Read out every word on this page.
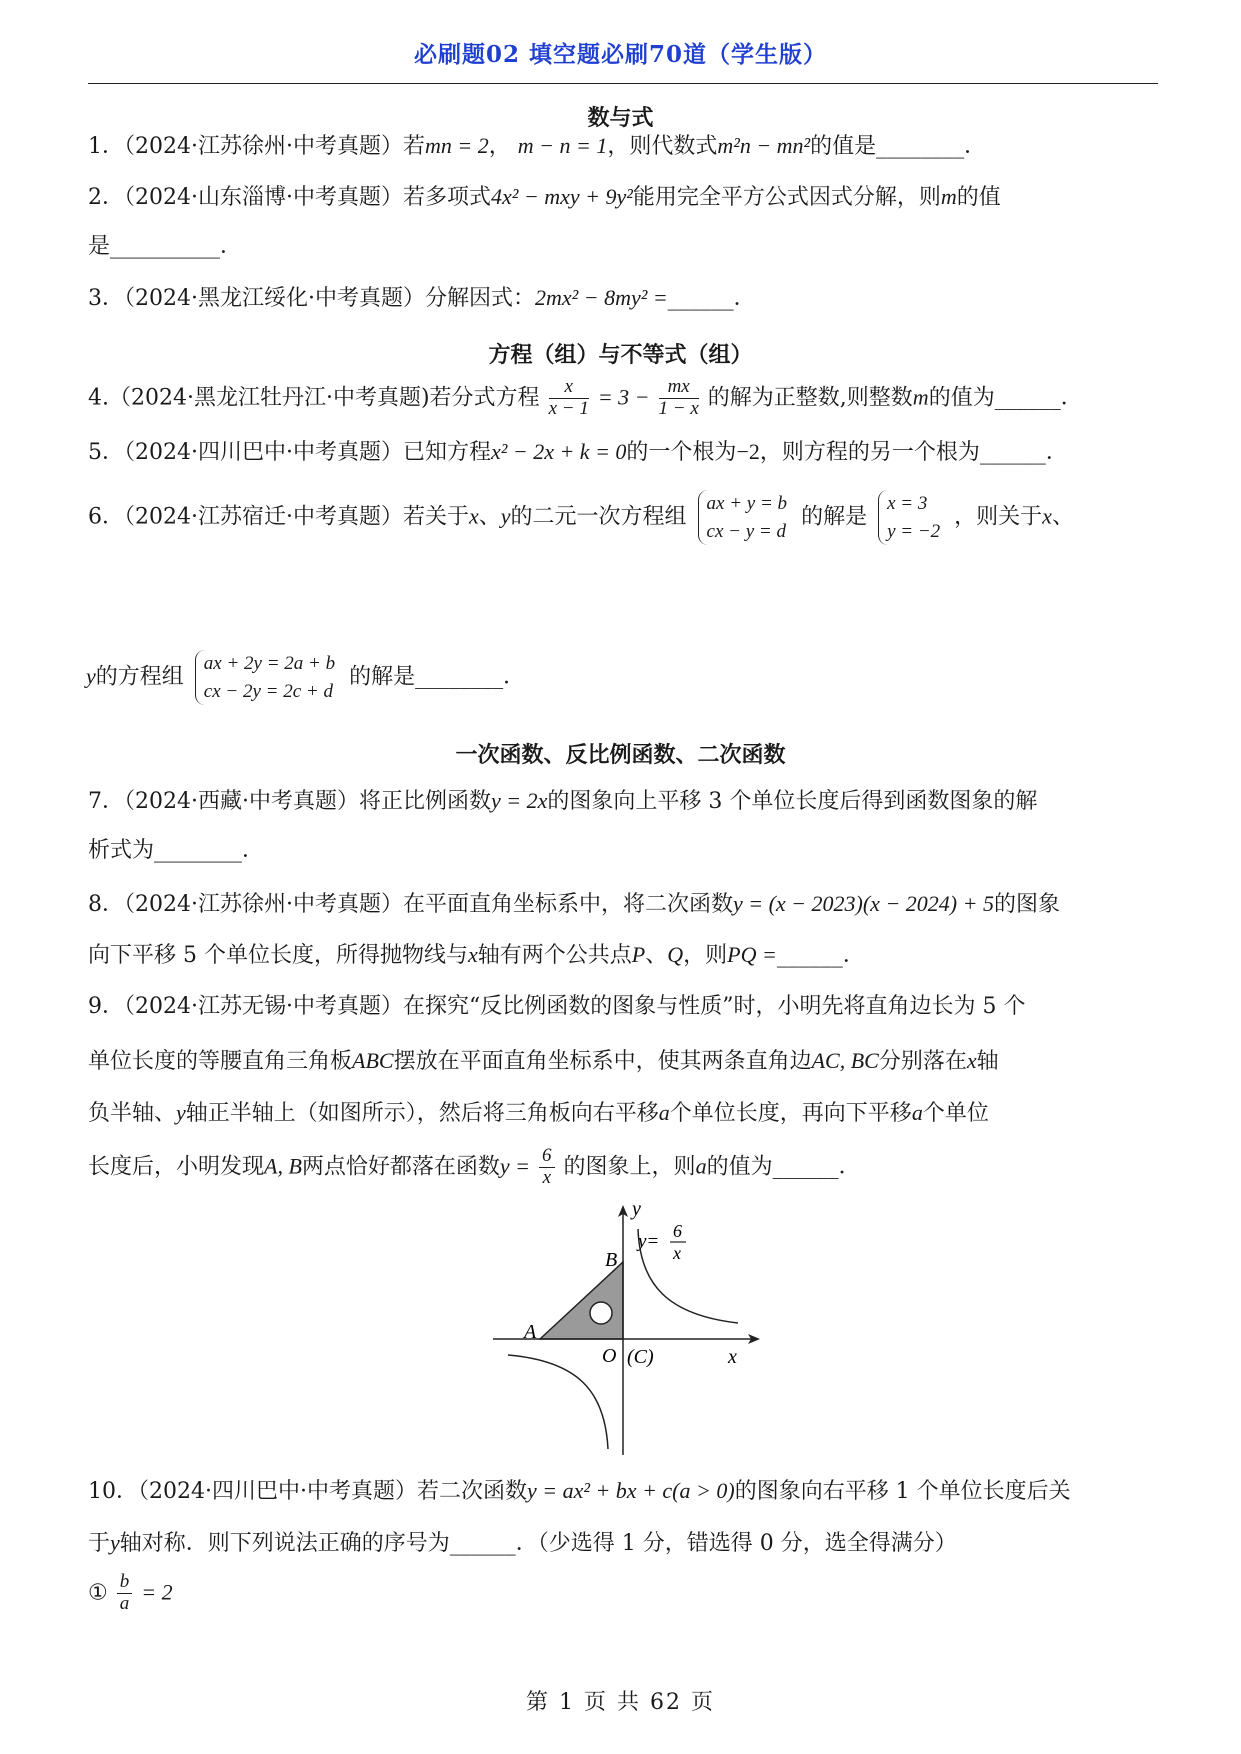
必刷题02 填空题必刷70道（学生版）
数与式
1．（2024·江苏徐州·中考真题）若mn = 2， m − n = 1，则代数式m²n − mn²的值是________．
2．（2024·山东淄博·中考真题）若多项式4x² − mxy + 9y²能用完全平方公式因式分解，则m的值
是__________．
3．（2024·黑龙江绥化·中考真题）分解因式：2mx² − 8my² =______．
方程（组）与不等式（组）
4.（2024·黑龙江牡丹江·中考真题)若分式方程 $\frac{x}{x - 1} = 3 - \frac{mx}{1 - x}$ 的解为正整数,则整数m的值为______．
5．（2024·四川巴中·中考真题）已知方程x² − 2x + k = 0的一个根为−2，则方程的另一个根为______．
6．（2024·江苏宿迁·中考真题）若关于x、y的二元一次方程组
ax + y = b
cx − y = d
的解是
x = 3
y = −2
，则关于x、
y的方程组
ax + 2y = 2a + b
cx − 2y = 2c + d
的解是________．
一次函数、反比例函数、二次函数
7．（2024·西藏·中考真题）将正比例函数y = 2x的图象向上平移 3 个单位长度后得到函数图象的解
析式为________．
8．（2024·江苏徐州·中考真题）在平面直角坐标系中，将二次函数y = (x − 2023)(x − 2024) + 5的图象
向下平移 5 个单位长度，所得抛物线与x轴有两个公共点P、Q，则PQ =______．
9．（2024·江苏无锡·中考真题）在探究“反比例函数的图象与性质”时，小明先将直角边长为 5 个
单位长度的等腰直角三角板ABC摆放在平面直角坐标系中，使其两条直角边AC, BC分别落在x轴
负半轴、y轴正半轴上（如图所示），然后将三角板向右平移a个单位长度，再向下平移a个单位
长度后，小明发现A, B两点恰好都落在函数$y = \frac{6}{x}$ 的图象上，则a的值为______．
y
x
A
B
O (C)
y= 6
x
10．（2024·四川巴中·中考真题）若二次函数y = ax² + bx + c(a > 0)的图象向右平移 1 个单位长度后关
于y轴对称．则下列说法正确的序号为______．（少选得 1 分，错选得 0 分，选全得满分）
① $\frac{b}{a} = 2$
第 1 页 共 62 页
